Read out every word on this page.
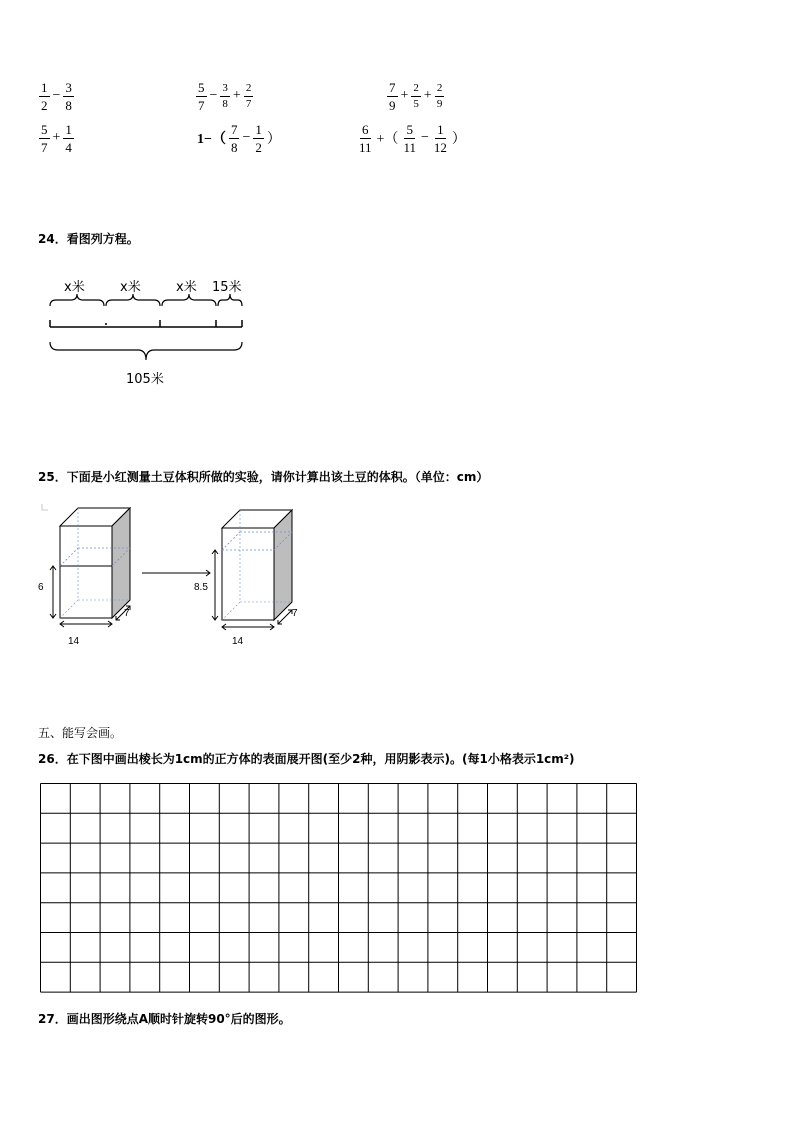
$\frac{1}{2} - \frac{3}{8}$	$\frac{5}{7} - \frac{3}{8} + \frac{2}{7}$	$\frac{7}{9} + \frac{2}{5} + \frac{2}{9}$
$\frac{5}{7} + \frac{1}{4}$	$1-( \frac{7}{8} - \frac{1}{2}$ ）	$\frac{6}{11}$ +（ $\frac{5}{11} - \frac{1}{12}$ ）
24．看图列方程。
x米	x米	x米 15米
105米
25．下面是小红测量土豆体积所做的实验，请你计算出该土豆的体积。（单位：cm）
6
14
7
8.5
14
7
五、能写会画。
26．在下图中画出棱长为1cm的正方体的表面展开图(至少2种，用阴影表示)。(每1小格表示1cm²)
27．画出图形绕点A顺时针旋转90°后的图形。
